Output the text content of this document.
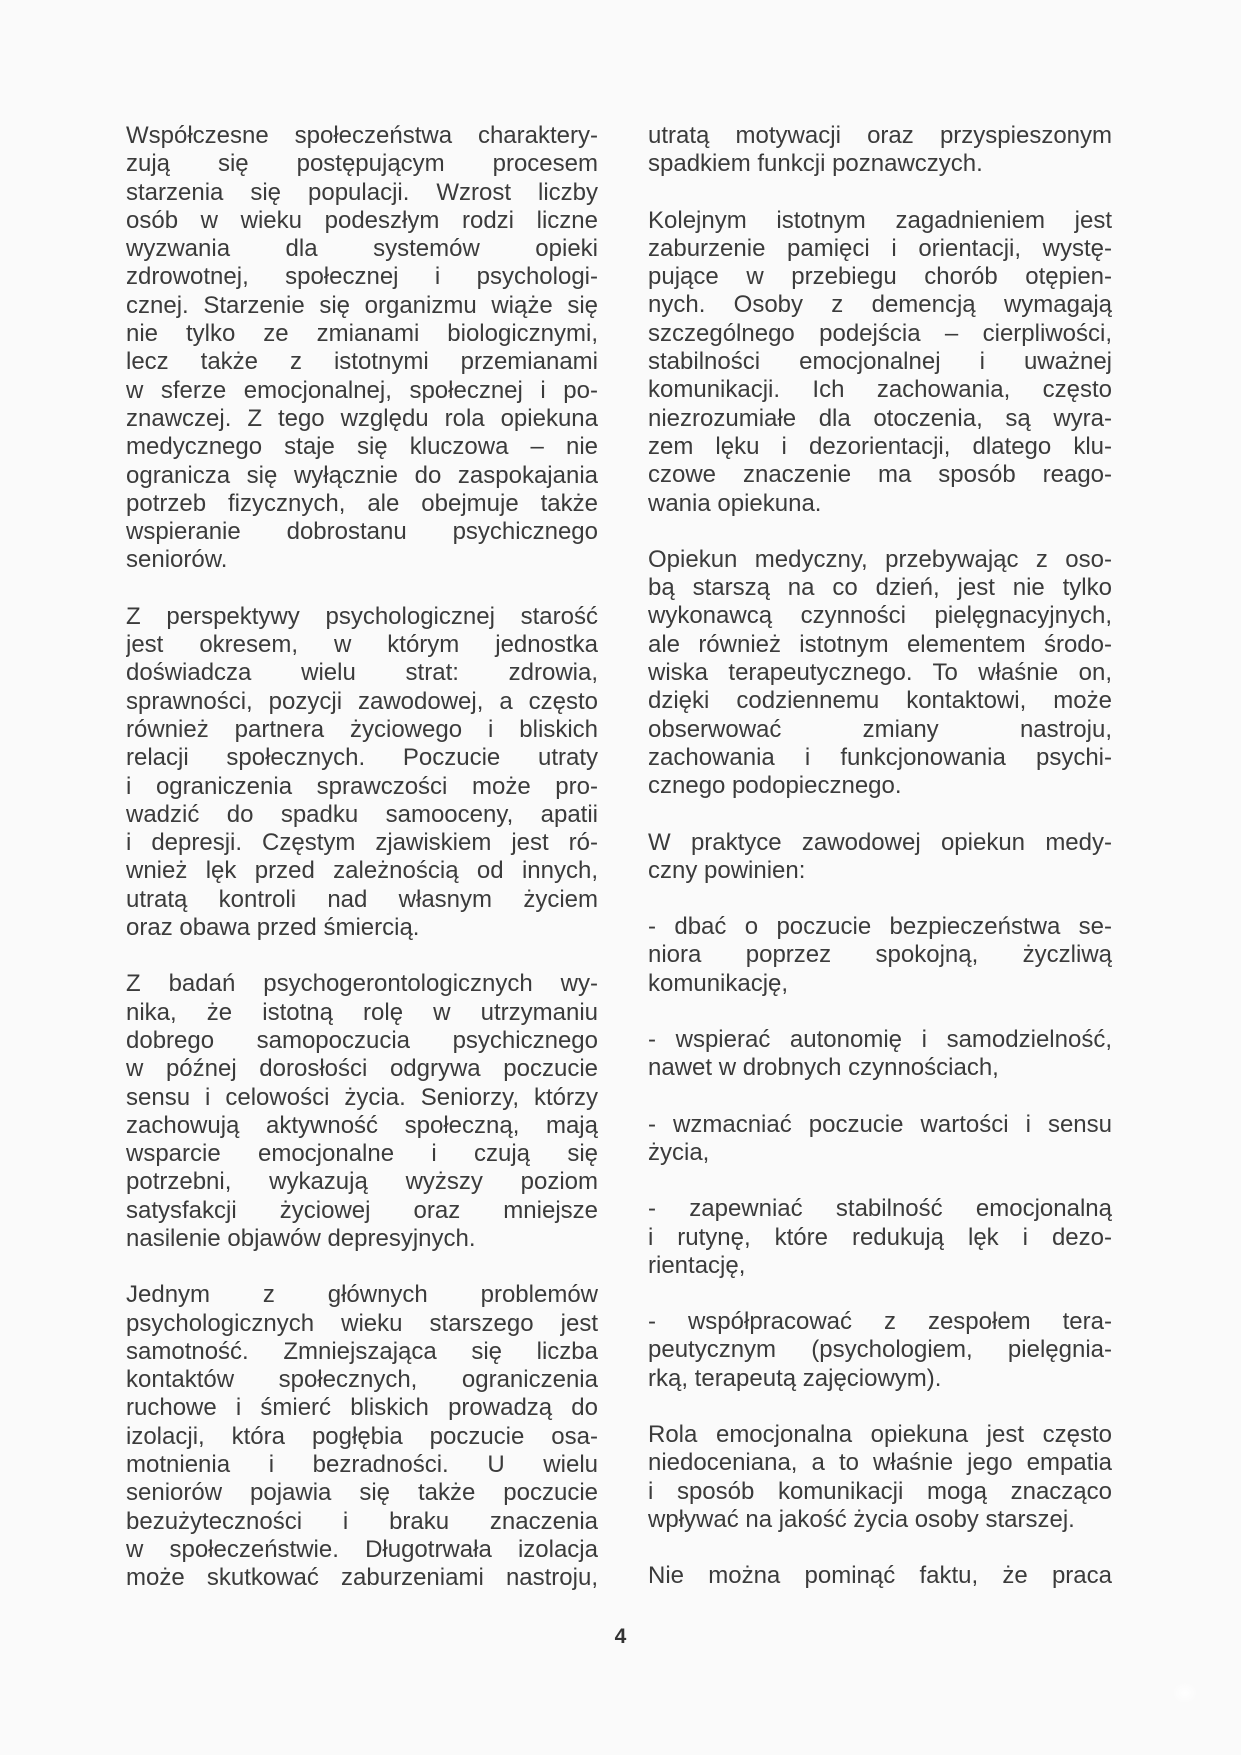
Współczesne społeczeństwa charaktery-
zują się postępującym procesem
starzenia się populacji. Wzrost liczby
osób w wieku podeszłym rodzi liczne
wyzwania dla systemów opieki
zdrowotnej, społecznej i psychologi-
cznej. Starzenie się organizmu wiąże się
nie tylko ze zmianami biologicznymi,
lecz także z istotnymi przemianami
w sferze emocjonalnej, społecznej i po-
znawczej. Z tego względu rola opiekuna
medycznego staje się kluczowa – nie
ogranicza się wyłącznie do zaspokajania
potrzeb fizycznych, ale obejmuje także
wspieranie dobrostanu psychicznego
seniorów.
Z perspektywy psychologicznej starość
jest okresem, w którym jednostka
doświadcza wielu strat: zdrowia,
sprawności, pozycji zawodowej, a często
również partnera życiowego i bliskich
relacji społecznych. Poczucie utraty
i ograniczenia sprawczości może pro-
wadzić do spadku samooceny, apatii
i depresji. Częstym zjawiskiem jest ró-
wnież lęk przed zależnością od innych,
utratą kontroli nad własnym życiem
oraz obawa przed śmiercią.
Z badań psychogerontologicznych wy-
nika, że istotną rolę w utrzymaniu
dobrego samopoczucia psychicznego
w późnej dorosłości odgrywa poczucie
sensu i celowości życia. Seniorzy, którzy
zachowują aktywność społeczną, mają
wsparcie emocjonalne i czują się
potrzebni, wykazują wyższy poziom
satysfakcji życiowej oraz mniejsze
nasilenie objawów depresyjnych.
Jednym z głównych problemów
psychologicznych wieku starszego jest
samotność. Zmniejszająca się liczba
kontaktów społecznych, ograniczenia
ruchowe i śmierć bliskich prowadzą do
izolacji, która pogłębia poczucie osa-
motnienia i bezradności. U wielu
seniorów pojawia się także poczucie
bezużyteczności i braku znaczenia
w społeczeństwie. Długotrwała izolacja
może skutkować zaburzeniami nastroju,
utratą motywacji oraz przyspieszonym
spadkiem funkcji poznawczych.
Kolejnym istotnym zagadnieniem jest
zaburzenie pamięci i orientacji, wystę-
pujące w przebiegu chorób otępien-
nych. Osoby z demencją wymagają
szczególnego podejścia – cierpliwości,
stabilności emocjonalnej i uważnej
komunikacji. Ich zachowania, często
niezrozumiałe dla otoczenia, są wyra-
zem lęku i dezorientacji, dlatego klu-
czowe znaczenie ma sposób reago-
wania opiekuna.
Opiekun medyczny, przebywając z oso-
bą starszą na co dzień, jest nie tylko
wykonawcą czynności pielęgnacyjnych,
ale również istotnym elementem środo-
wiska terapeutycznego. To właśnie on,
dzięki codziennemu kontaktowi, może
obserwować zmiany nastroju,
zachowania i funkcjonowania psychi-
cznego podopiecznego.
W praktyce zawodowej opiekun medy-
czny powinien:
- dbać o poczucie bezpieczeństwa se-
niora poprzez spokojną, życzliwą
komunikację,
- wspierać autonomię i samodzielność,
nawet w drobnych czynnościach,
- wzmacniać poczucie wartości i sensu
życia,
- zapewniać stabilność emocjonalną
i rutynę, które redukują lęk i dezo-
rientację,
- współpracować z zespołem tera-
peutycznym (psychologiem, pielęgnia-
rką, terapeutą zajęciowym).
Rola emocjonalna opiekuna jest często
niedoceniana, a to właśnie jego empatia
i sposób komunikacji mogą znacząco
wpływać na jakość życia osoby starszej.
Nie można pominąć faktu, że praca
4
